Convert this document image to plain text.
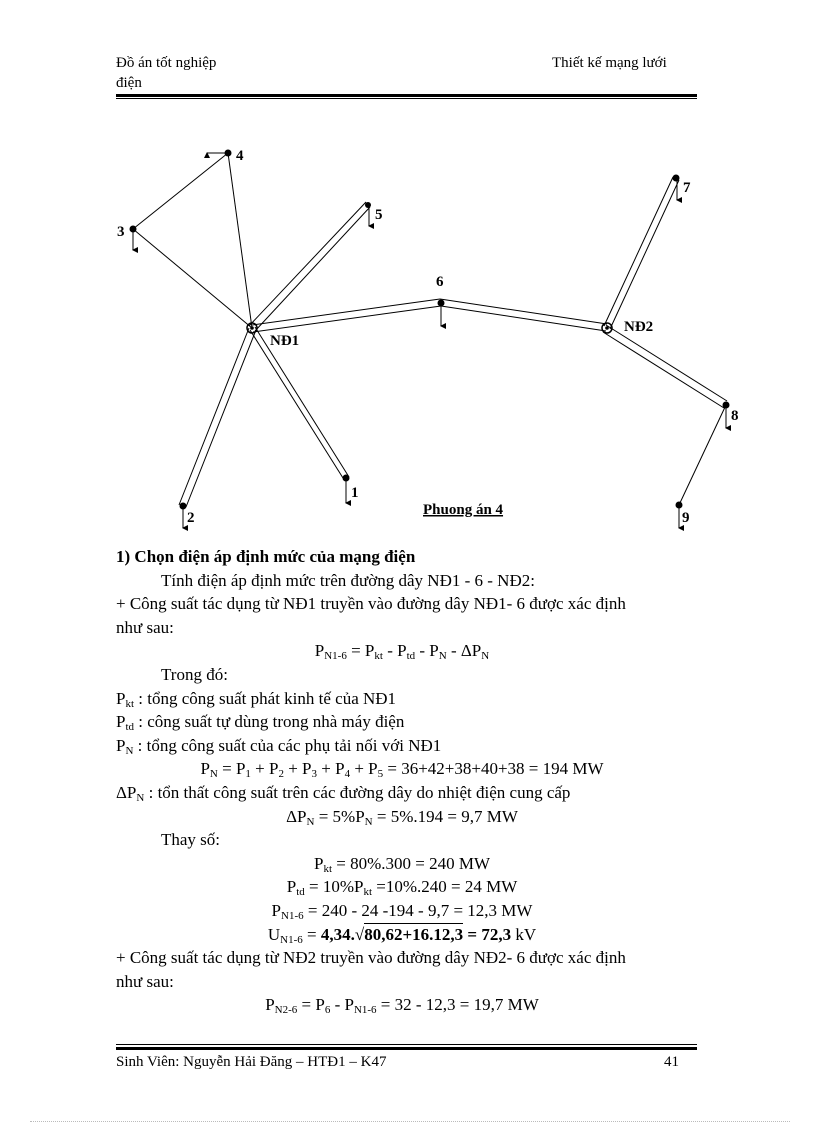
Đồ án tốt nghiệp
điện
Thiết kế mạng lưới
4
3
5
6
7
8
9
1
2
NĐ1
NĐ2
Phuong án 4

1) Chọn điện áp định mức của mạng điện

Tính điện áp định mức trên đường dây NĐ1 - 6 - NĐ2:

+ Công suất tác dụng từ NĐ1 truyền vào đường dây NĐ1- 6 được xác định

như sau:

$P_{N1-6} = P_{kt} - P_{td} - P_N - \Delta P_N$

Trong đó:

$P_{kt}$ : tổng công suất phát kinh tế của NĐ1

$P_{td}$ : công suất tự dùng trong nhà máy điện

$P_N$ : tổng công suất của các phụ tải nối với NĐ1

$P_N = P_1 + P_2 + P_3 + P_4 + P_5 = 36+42+38+40+38 = 194$ MW

$\Delta P_N$ : tổn thất công suất trên các đường dây do nhiệt điện cung cấp

$\Delta P_N = 5\%P_N = 5\%.194 = 9,7$ MW

Thay số:

$P_{kt} = 80\%.300 = 240$ MW

$P_{td} = 10\%P_{kt} =10\%.240 = 24$ MW

$P_{N1-6} = 240 - 24$ -194 - 9,7 = 12,3 MW

$U_{N1-6} = 4,34.√80,62+16.12,3 = 72,3$ kV

+ Công suất tác dụng từ NĐ2 truyền vào đường dây NĐ2- 6 được xác định

như sau:

$P_{N2-6} = P_6 - P_{N1-6} = 32 - 12,3 = 19,7$ MW

Sinh Viên: Nguyễn Hải Đăng – HTĐ1 – K47	41
